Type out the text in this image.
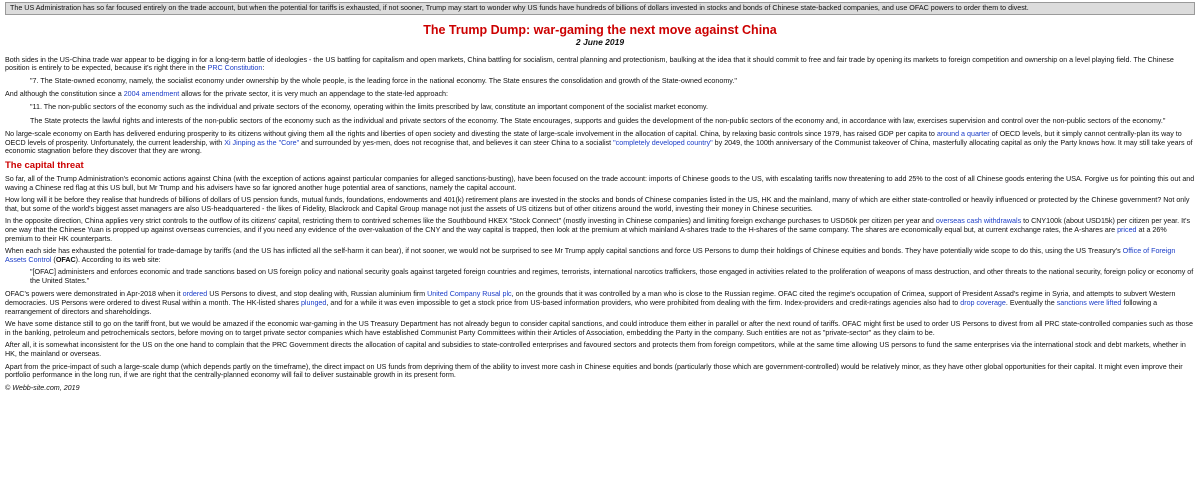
The US Administration has so far focused entirely on the trade account, but when the potential for tariffs is exhausted, if not sooner, Trump may start to wonder why US funds have hundreds of billions of dollars invested in stocks and bonds of Chinese state-backed companies, and use OFAC powers to order them to divest.
The Trump Dump: war-gaming the next move against China
2 June 2019

Both sides in the US-China trade war appear to be digging in for a long-term battle of ideologies - the US battling for capitalism and open markets, China battling for socialism, central planning and protectionism, baulking at the idea that it should commit to free and fair trade by opening its markets to foreign competition and ownership on a level playing field. The Chinese position is entirely to be expected, because it's right there in the PRC Constitution:

"7. The State-owned economy, namely, the socialist economy under ownership by the whole people, is the leading force in the national economy. The State ensures the consolidation and growth of the State-owned economy."

And although the constitution since a 2004 amendment allows for the private sector, it is very much an appendage to the state-led approach:

"11. The non-public sectors of the economy such as the individual and private sectors of the economy, operating within the limits prescribed by law, constitute an important component of the socialist market economy.

The State protects the lawful rights and interests of the non-public sectors of the economy such as the individual and private sectors of the economy. The State encourages, supports and guides the development of the non-public sectors of the economy and, in accordance with law, exercises supervision and control over the non-public sectors of the economy."

No large-scale economy on Earth has delivered enduring prosperity to its citizens without giving them all the rights and liberties of open society and divesting the state of large-scale involvement in the allocation of capital. China, by relaxing basic controls since 1979, has raised GDP per capita to around a quarter of OECD levels, but it simply cannot centrally-plan its way to OECD levels of prosperity. Unfortunately, the current leadership, with Xi Jinping as the "Core" and surrounded by yes-men, does not recognise that, and believes it can steer China to a socialist "completely developed country" by 2049, the 100th anniversary of the Communist takeover of China, masterfully allocating capital as only the Party knows how. It may still take years of economic stagnation before they discover that they are wrong.

The capital threat

So far, all of the Trump Administration's economic actions against China (with the exception of actions against particular companies for alleged sanctions-busting), have been focused on the trade account: imports of Chinese goods to the US, with escalating tariffs now threatening to add 25% to the cost of all Chinese goods entering the USA. Forgive us for pointing this out and waving a Chinese red flag at this US bull, but Mr Trump and his advisers have so far ignored another huge potential area of sanctions, namely the capital account.

How long will it be before they realise that hundreds of billions of dollars of US pension funds, mutual funds, foundations, endowments and 401(k) retirement plans are invested in the stocks and bonds of Chinese companies listed in the US, HK and the mainland, many of which are either state-controlled or heavily influenced or protected by the Chinese government? Not only that, but some of the world's biggest asset managers are also US-headquartered - the likes of Fidelity, Blackrock and Capital Group manage not just the assets of US citizens but of other citizens around the world, investing their money in Chinese securities.

In the opposite direction, China applies very strict controls to the outflow of its citizens' capital, restricting them to contrived schemes like the Southbound HKEX "Stock Connect" (mostly investing in Chinese companies) and limiting foreign exchange purchases to USD50k per citizen per year and overseas cash withdrawals to CNY100k (about USD15k) per citizen per year. It's one way that the Chinese Yuan is propped up against overseas currencies, and if you need any evidence of the over-valuation of the CNY and the way capital is trapped, then look at the premium at which mainland A-shares trade to the H-shares of the same company. The shares are economically equal but, at current exchange rates, the A-shares are priced at a 26% premium to their HK counterparts.

When each side has exhausted the potential for trade-damage by tariffs (and the US has inflicted all the self-harm it can bear), if not sooner, we would not be surprised to see Mr Trump apply capital sanctions and force US Persons to dump their holdings of Chinese equities and bonds. They have potentially wide scope to do this, using the US Treasury's Office of Foreign Assets Control (OFAC). According to its web site:

"[OFAC] administers and enforces economic and trade sanctions based on US foreign policy and national security goals against targeted foreign countries and regimes, terrorists, international narcotics traffickers, those engaged in activities related to the proliferation of weapons of mass destruction, and other threats to the national security, foreign policy or economy of the United States."

OFAC's powers were demonstrated in Apr-2018 when it ordered US Persons to divest, and stop dealing with, Russian aluminium firm United Company Rusal plc, on the grounds that it was controlled by a man who is close to the Russian regime. OFAC cited the regime's occupation of Crimea, support of President Assad's regime in Syria, and attempts to subvert Western democracies. US Persons were ordered to divest Rusal within a month. The HK-listed shares plunged, and for a while it was even impossible to get a stock price from US-based information providers, who were prohibited from dealing with the firm. Index-providers and credit-ratings agencies also had to drop coverage. Eventually the sanctions were lifted following a rearrangement of directors and shareholdings.

We have some distance still to go on the tariff front, but we would be amazed if the economic war-gaming in the US Treasury Department has not already begun to consider capital sanctions, and could introduce them either in parallel or after the next round of tariffs. OFAC might first be used to order US Persons to divest from all PRC state-controlled companies such as those in the banking, petroleum and petrochemicals sectors, before moving on to target private sector companies which have established Communist Party Committees within their Articles of Association, embedding the Party in the company. Such entities are not as "private-sector" as they claim to be.

After all, it is somewhat inconsistent for the US on the one hand to complain that the PRC Government directs the allocation of capital and subsidies to state-controlled enterprises and favoured sectors and protects them from foreign competitors, while at the same time allowing US persons to fund the same enterprises via the international stock and debt markets, whether in HK, the mainland or overseas.

Apart from the price-impact of such a large-scale dump (which depends partly on the timeframe), the direct impact on US funds from depriving them of the ability to invest more cash in Chinese equities and bonds (particularly those which are government-controlled) would be relatively minor, as they have other global opportunities for their capital. It might even improve their portfolio performance in the long run, if we are right that the centrally-planned economy will fail to deliver sustainable growth in its present form.

© Webb-site.com, 2019
